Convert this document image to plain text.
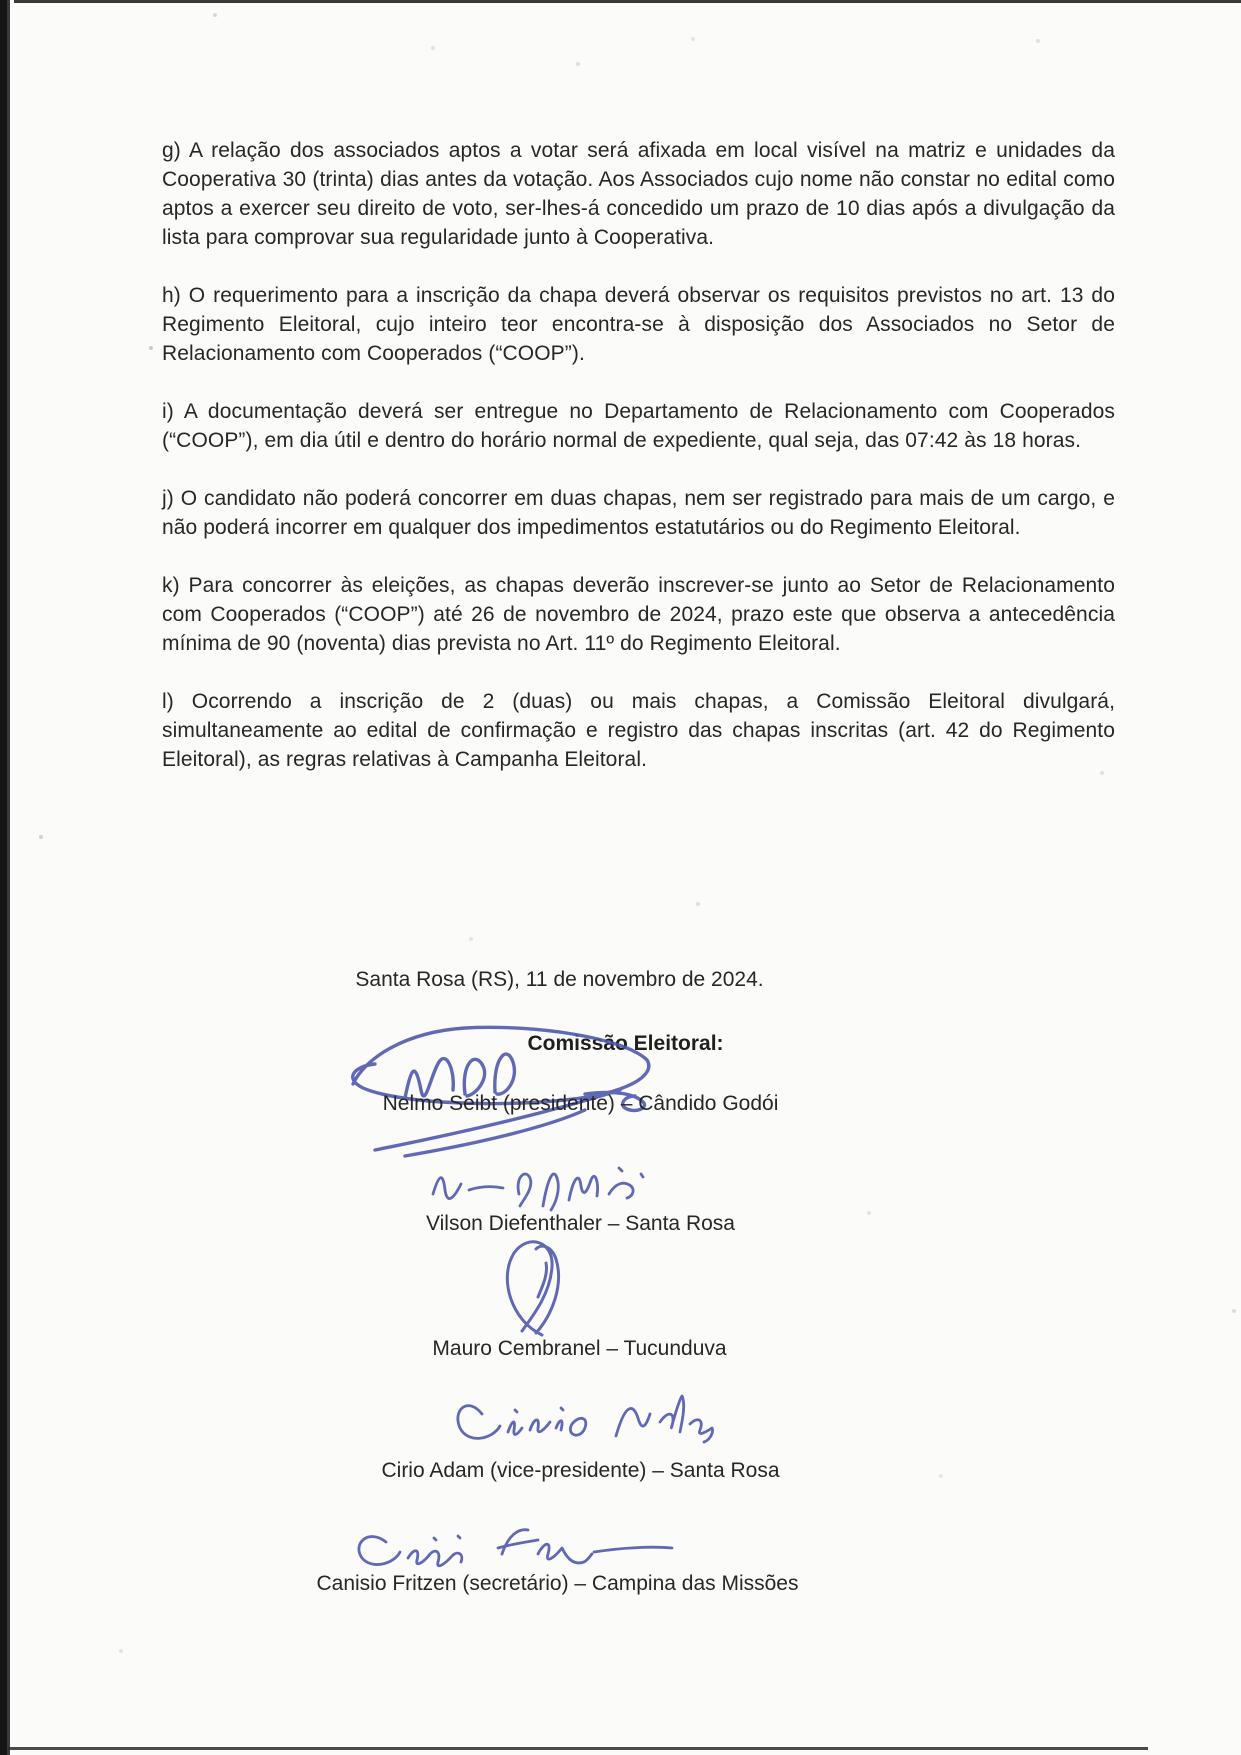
g) A relação dos associados aptos a votar será afixada em local visível na matriz e unidades da Cooperativa 30 (trinta) dias antes da votação. Aos Associados cujo nome não constar no edital como aptos a exercer seu direito de voto, ser-lhes-á concedido um prazo de 10 dias após a divulgação da lista para comprovar sua regularidade junto à Cooperativa.

h) O requerimento para a inscrição da chapa deverá observar os requisitos previstos no art. 13 do Regimento Eleitoral, cujo inteiro teor encontra-se à disposição dos Associados no Setor de Relacionamento com Cooperados (“COOP”).

i) A documentação deverá ser entregue no Departamento de Relacionamento com Cooperados (“COOP”), em dia útil e dentro do horário normal de expediente, qual seja, das 07:42 às 18 horas.

j) O candidato não poderá concorrer em duas chapas, nem ser registrado para mais de um cargo, e não poderá incorrer em qualquer dos impedimentos estatutários ou do Regimento Eleitoral.

k) Para concorrer às eleições, as chapas deverão inscrever-se junto ao Setor de Relacionamento com Cooperados (“COOP”) até 26 de novembro de 2024, prazo este que observa a antecedência mínima de 90 (noventa) dias prevista no Art. 11º do Regimento Eleitoral.

l) Ocorrendo a inscrição de 2 (duas) ou mais chapas, a Comissão Eleitoral divulgará, simultaneamente ao edital de confirmação e registro das chapas inscritas (art. 42 do Regimento Eleitoral), as regras relativas à Campanha Eleitoral.

Santa Rosa (RS), 11 de novembro de 2024.
Comissão Eleitoral:
Nelmo Seibt (presidente) – Cândido Godói
Vilson Diefenthaler – Santa Rosa
Mauro Cembranel – Tucunduva
Cirio Adam (vice-presidente) – Santa Rosa
Canisio Fritzen (secretário) – Campina das Missões
